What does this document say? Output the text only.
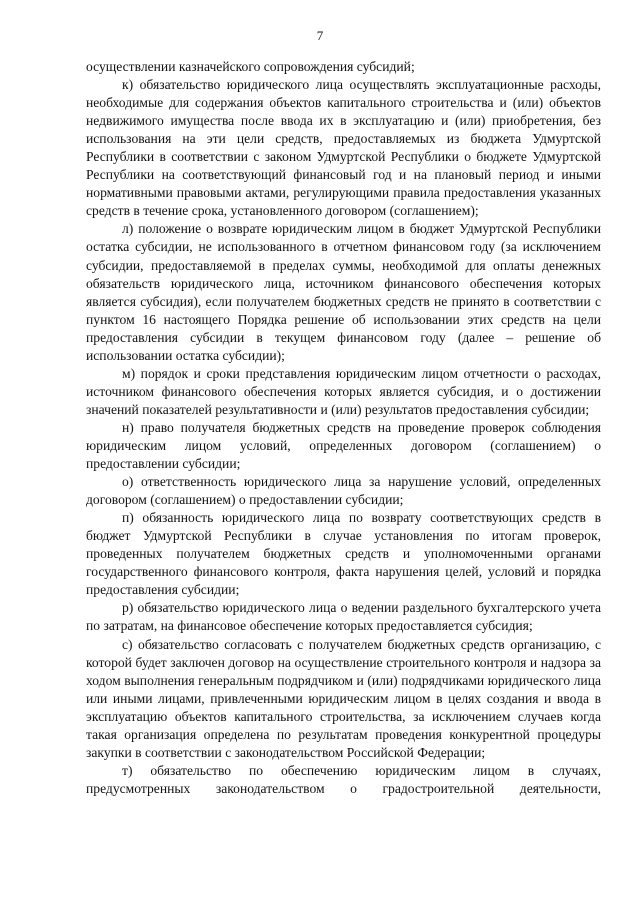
7

осуществлении казначейского сопровождения субсидий;

к) обязательство юридического лица осуществлять эксплуатационные расходы, необходимые для содержания объектов капитального строительства и (или) объектов недвижимого имущества после ввода их в эксплуатацию и (или) приобретения, без использования на эти цели средств, предоставляемых из бюджета Удмуртской Республики в соответствии с законом Удмуртской Республики о бюджете Удмуртской Республики на соответствующий финансовый год и на плановый период и иными нормативными правовыми актами, регулирующими правила предоставления указанных средств в течение срока, установленного договором (соглашением);

л) положение о возврате юридическим лицом в бюджет Удмуртской Республики остатка субсидии, не использованного в отчетном финансовом году (за исключением субсидии, предоставляемой в пределах суммы, необходимой для оплаты денежных обязательств юридического лица, источником финансового обеспечения которых является субсидия), если получателем бюджетных средств не принято в соответствии с пунктом 16 настоящего Порядка решение об использовании этих средств на цели предоставления субсидии в текущем финансовом году (далее – решение об использовании остатка субсидии);

м) порядок и сроки представления юридическим лицом отчетности о расходах, источником финансового обеспечения которых является субсидия, и о достижении значений показателей результативности и (или) результатов предоставления субсидии;

н) право получателя бюджетных средств на проведение проверок соблюдения юридическим лицом условий, определенных договором (соглашением) о предоставлении субсидии;

о) ответственность юридического лица за нарушение условий, определенных договором (соглашением) о предоставлении субсидии;

п) обязанность юридического лица по возврату соответствующих средств в бюджет Удмуртской Республики в случае установления по итогам проверок, проведенных получателем бюджетных средств и уполномоченными органами государственного финансового контроля, факта нарушения целей, условий и порядка предоставления субсидии;

р) обязательство юридического лица о ведении раздельного бухгалтерского учета по затратам, на финансовое обеспечение которых предоставляется субсидия;

с) обязательство согласовать с получателем бюджетных средств организацию, с которой будет заключен договор на осуществление строительного контроля и надзора за ходом выполнения генеральным подрядчиком и (или) подрядчиками юридического лица или иными лицами, привлеченными юридическим лицом в целях создания и ввода в эксплуатацию объектов капитального строительства, за исключением случаев когда такая организация определена по результатам проведения конкурентной процедуры закупки в соответствии с законодательством Российской Федерации;

т) обязательство по обеспечению юридическим лицом в случаях, предусмотренных законодательством о градостроительной деятельности,
